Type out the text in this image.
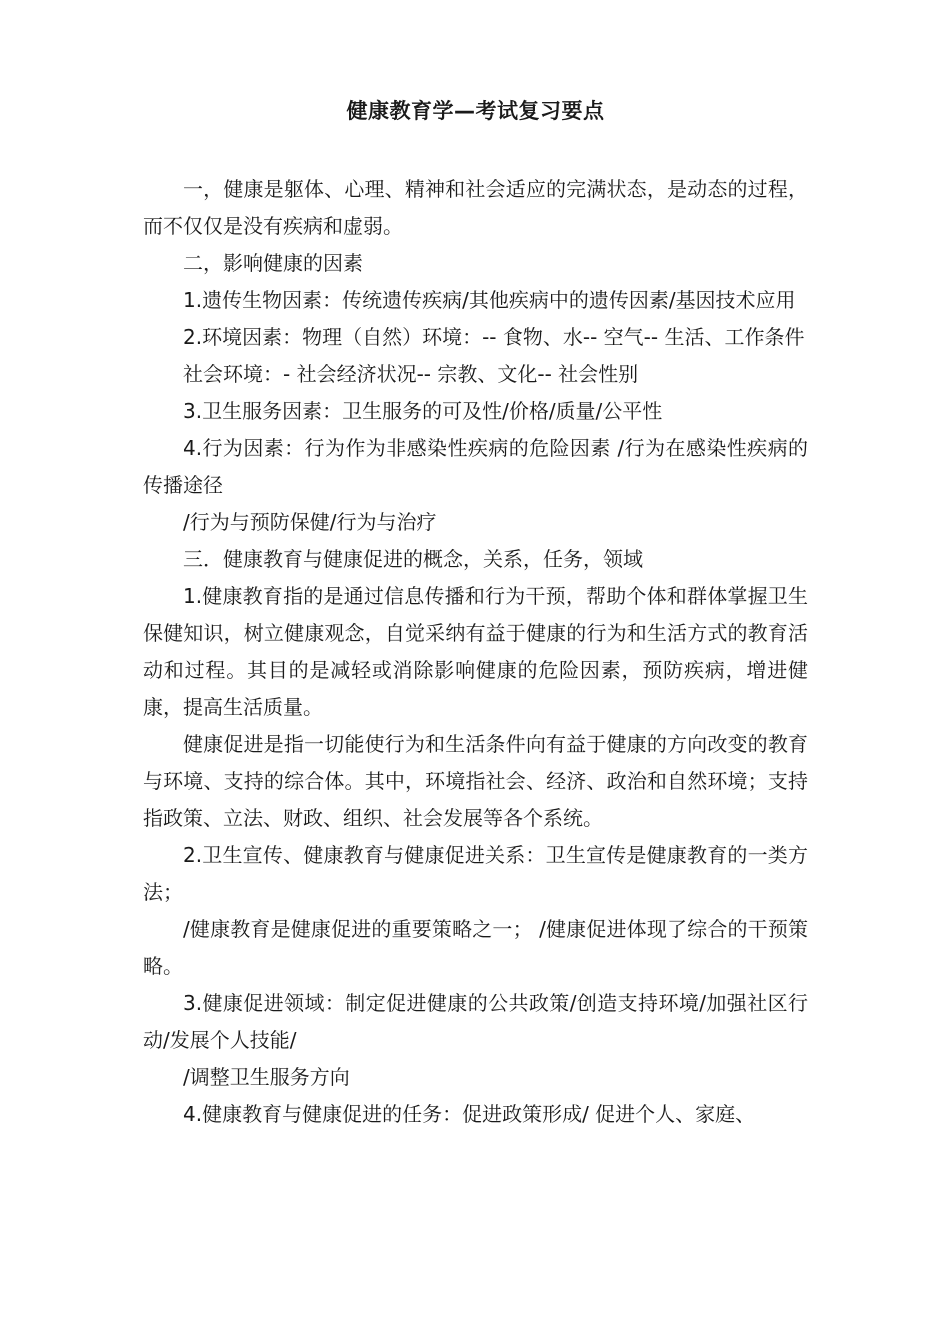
健康教育学—考试复习要点

一，健康是躯体、心理、精神和社会适应的完满状态，是动态的过程，而不仅仅是没有疾病和虚弱。

二，影响健康的因素

1.遗传生物因素：传统遗传疾病/其他疾病中的遗传因素/基因技术应用

2.环境因素：物理（自然）环境：-- 食物、水-- 空气-- 生活、工作条件

社会环境：- 社会经济状况-- 宗教、文化-- 社会性别

3.卫生服务因素：卫生服务的可及性/价格/质量/公平性

4.行为因素：行为作为非感染性疾病的危险因素 /行为在感染性疾病的传播途径

/行为与预防保健/行为与治疗

三．健康教育与健康促进的概念，关系，任务，领域

1.健康教育指的是通过信息传播和行为干预，帮助个体和群体掌握卫生保健知识，树立健康观念，自觉采纳有益于健康的行为和生活方式的教育活动和过程。其目的是减轻或消除影响健康的危险因素，预防疾病，增进健康，提高生活质量。

健康促进是指一切能使行为和生活条件向有益于健康的方向改变的教育与环境、支持的综合体。其中，环境指社会、经济、政治和自然环境；支持指政策、立法、财政、组织、社会发展等各个系统。

2.卫生宣传、健康教育与健康促进关系：卫生宣传是健康教育的一类方法；

/健康教育是健康促进的重要策略之一； /健康促进体现了综合的干预策略。

3.健康促进领域：制定促进健康的公共政策/创造支持环境/加强社区行动/发展个人技能/

/调整卫生服务方向

4.健康教育与健康促进的任务：促进政策形成/ 促进个人、家庭、
